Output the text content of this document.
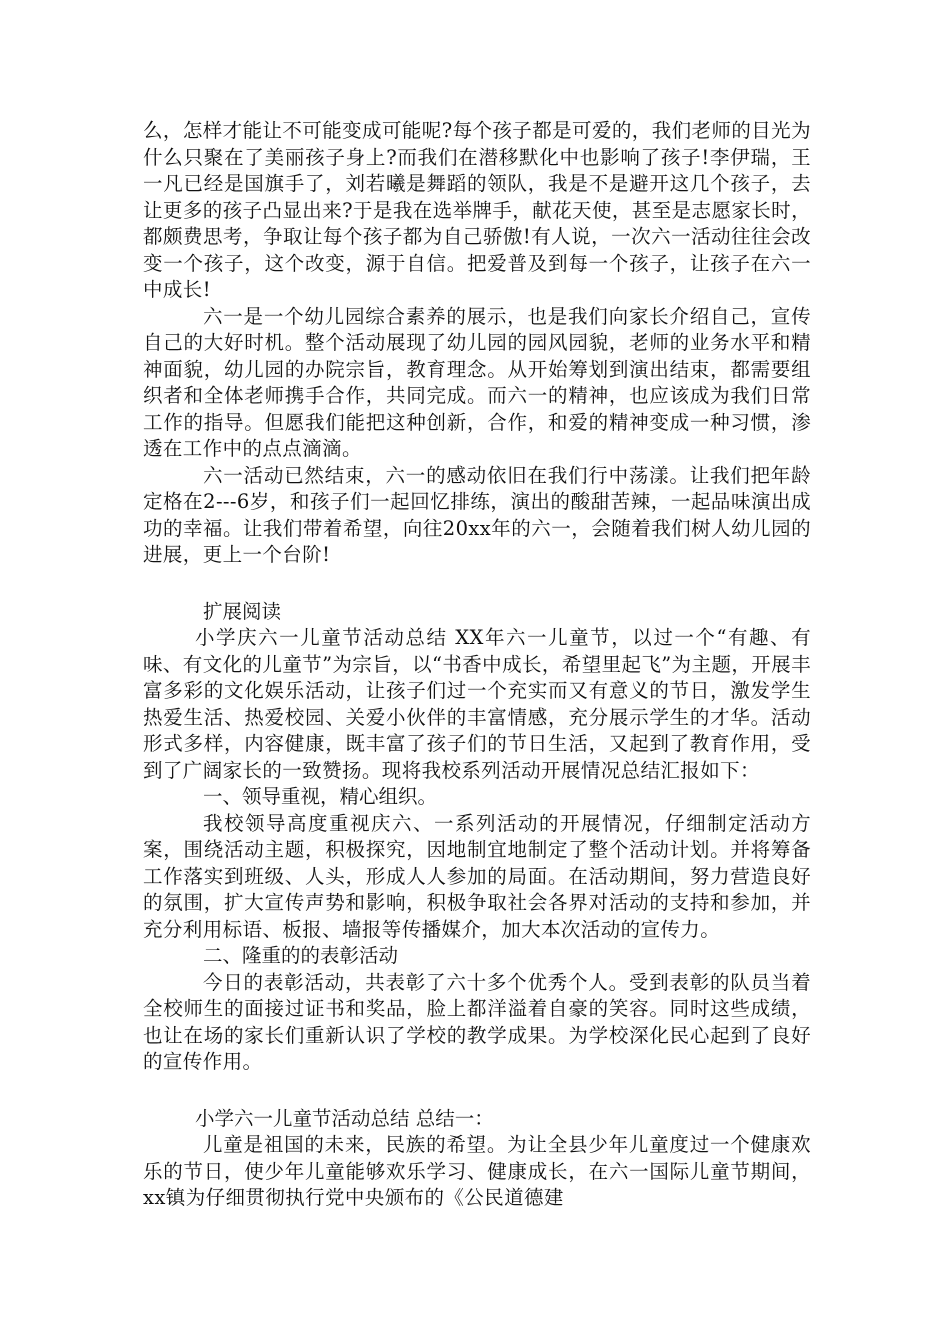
么，怎样才能让不可能变成可能呢?每个孩子都是可爱的，我们老师的目光为什么只聚在了美丽孩子身上?而我们在潜移默化中也影响了孩子!李伊瑞，王一凡已经是国旗手了，刘若曦是舞蹈的领队，我是不是避开这几个孩子，去让更多的孩子凸显出来?于是我在选举牌手，献花天使，甚至是志愿家长时，都颇费思考，争取让每个孩子都为自己骄傲!有人说，一次六一活动往往会改变一个孩子，这个改变，源于自信。把爱普及到每一个孩子，让孩子在六一中成长!

六一是一个幼儿园综合素养的展示，也是我们向家长介绍自己，宣传自己的大好时机。整个活动展现了幼儿园的园风园貌，老师的业务水平和精神面貌，幼儿园的办院宗旨，教育理念。从开始筹划到演出结束，都需要组织者和全体老师携手合作，共同完成。而六一的精神，也应该成为我们日常工作的指导。但愿我们能把这种创新，合作，和爱的精神变成一种习惯，渗透在工作中的点点滴滴。

六一活动已然结束，六一的感动依旧在我们行中荡漾。让我们把年龄定格在2---6岁，和孩子们一起回忆排练，演出的酸甜苦辣，一起品味演出成功的幸福。让我们带着希望，向往20xx年的六一，会随着我们树人幼儿园的进展，更上一个台阶!

扩展阅读

小学庆六一儿童节活动总结 XX年六一儿童节，以过一个“有趣、有味、有文化的儿童节”为宗旨，以“书香中成长，希望里起飞”为主题，开展丰富多彩的文化娱乐活动，让孩子们过一个充实而又有意义的节日，激发学生热爱生活、热爱校园、关爱小伙伴的丰富情感，充分展示学生的才华。活动形式多样，内容健康，既丰富了孩子们的节日生活，又起到了教育作用，受到了广阔家长的一致赞扬。现将我校系列活动开展情况总结汇报如下：

一、领导重视，精心组织。

我校领导高度重视庆六、一系列活动的开展情况，仔细制定活动方案，围绕活动主题，积极探究，因地制宜地制定了整个活动计划。并将筹备工作落实到班级、人头，形成人人参加的局面。在活动期间，努力营造良好的氛围，扩大宣传声势和影响，积极争取社会各界对活动的支持和参加，并充分利用标语、板报、墙报等传播媒介，加大本次活动的宣传力。

二、隆重的的表彰活动

今日的表彰活动，共表彰了六十多个优秀个人。受到表彰的队员当着全校师生的面接过证书和奖品，脸上都洋溢着自豪的笑容。同时这些成绩，也让在场的家长们重新认识了学校的教学成果。为学校深化民心起到了良好的宣传作用。

小学六一儿童节活动总结 总结一：

儿童是祖国的未来，民族的希望。为让全县少年儿童度过一个健康欢乐的节日，使少年儿童能够欢乐学习、健康成长，在六一国际儿童节期间，xx镇为仔细贯彻执行党中央颁布的《公民道德建
